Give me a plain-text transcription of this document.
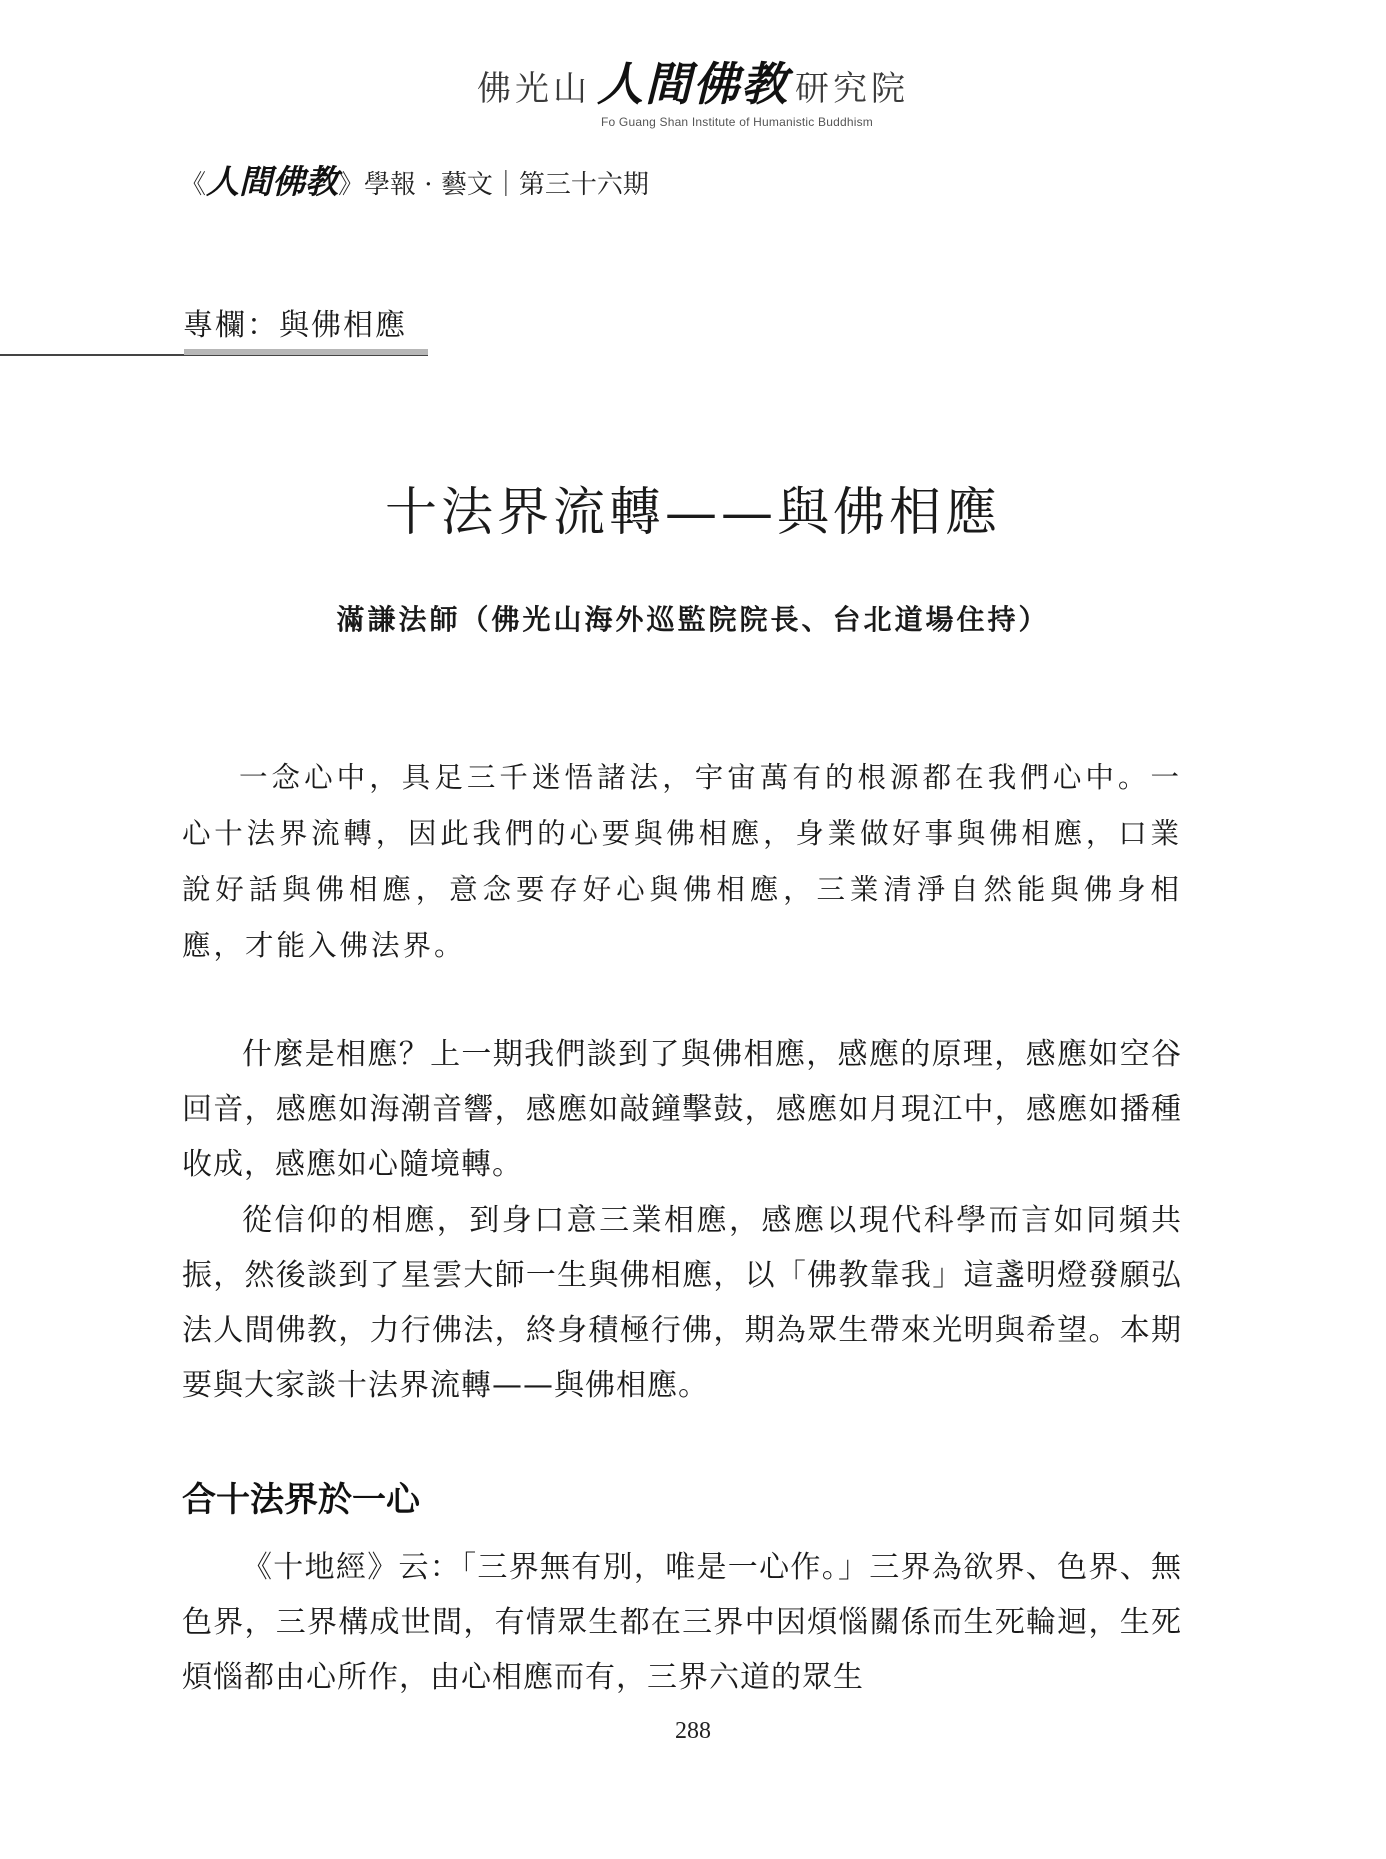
佛光山 人間佛教 研究院
Fo Guang Shan Institute of Humanistic Buddhism
《人間佛教》學報 · 藝文｜第三十六期
專欄：與佛相應
十法界流轉——與佛相應
滿謙法師（佛光山海外巡監院院長、台北道場住持）

一念心中，具足三千迷悟諸法，宇宙萬有的根源都在我們心中。一心十法界流轉，因此我們的心要與佛相應，身業做好事與佛相應，口業說好話與佛相應，意念要存好心與佛相應，三業清淨自然能與佛身相應，才能入佛法界。

什麼是相應？上一期我們談到了與佛相應，感應的原理，感應如空谷回音，感應如海潮音響，感應如敲鐘擊鼓，感應如月現江中，感應如播種收成，感應如心隨境轉。

從信仰的相應，到身口意三業相應，感應以現代科學而言如同頻共振，然後談到了星雲大師一生與佛相應，以「佛教靠我」這盞明燈發願弘法人間佛教，力行佛法，終身積極行佛，期為眾生帶來光明與希望。本期要與大家談十法界流轉——與佛相應。

合十法界於一心

《十地經》云：「三界無有別，唯是一心作。」三界為欲界、色界、無色界，三界構成世間，有情眾生都在三界中因煩惱關係而生死輪迴，生死煩惱都由心所作，由心相應而有，三界六道的眾生

288
